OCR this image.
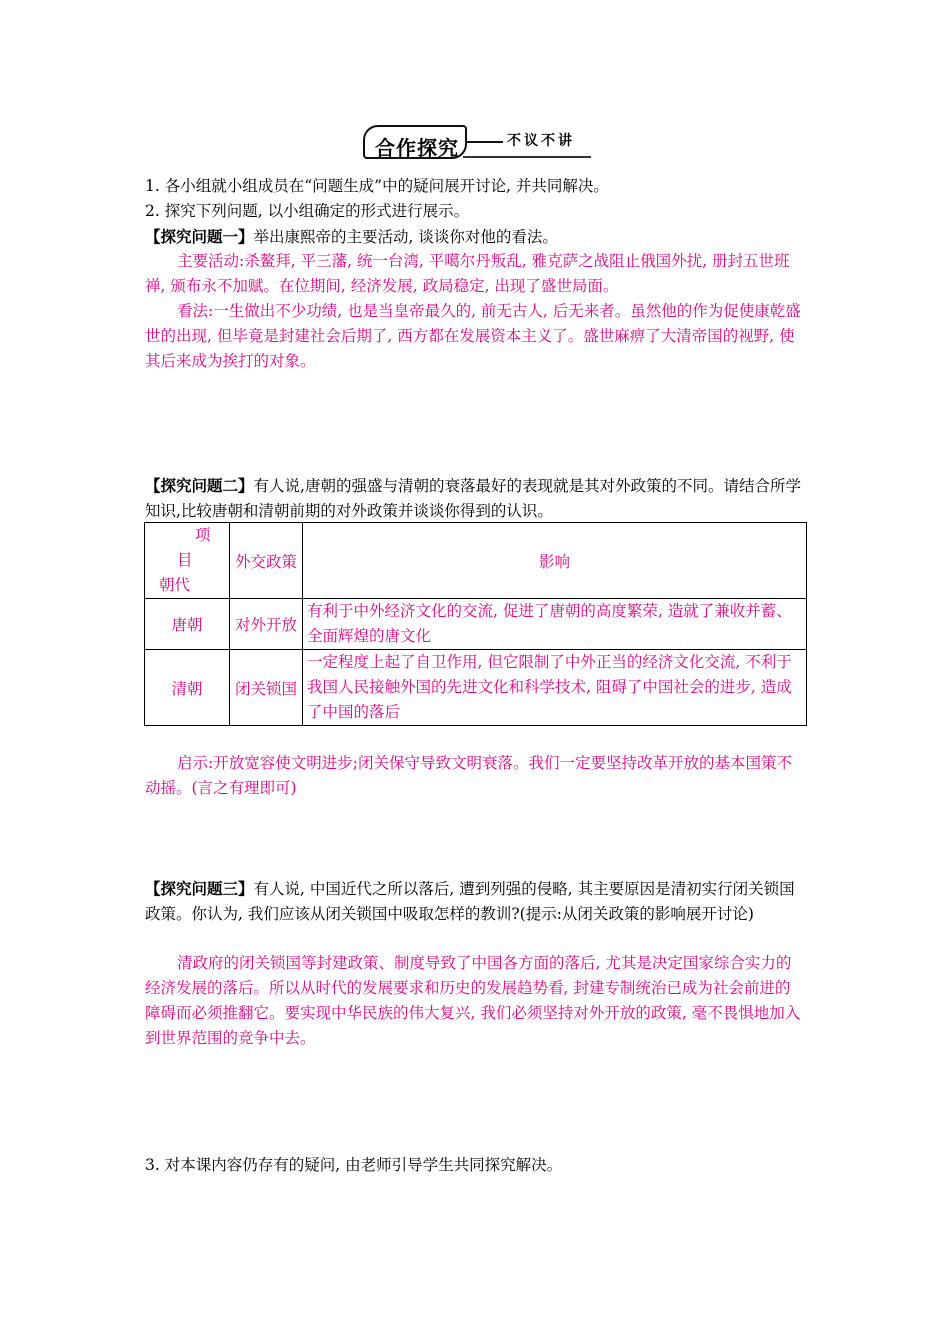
合作探究	不议不讲

1. 各小组就小组成员在“问题生成”中的疑问展开讨论, 并共同解决。

2. 探究下列问题, 以小组确定的形式进行展示。

【探究问题一】举出康熙帝的主要活动, 谈谈你对他的看法。

主要活动:杀鳌拜, 平三藩, 统一台湾, 平噶尔丹叛乱, 雅克萨之战阻止俄国外扰, 册封五世班禅, 颁布永不加赋。在位期间, 经济发展, 政局稳定, 出现了盛世局面。

看法:一生做出不少功绩, 也是当皇帝最久的, 前无古人, 后无来者。虽然他的作为促使康乾盛世的出现, 但毕竟是封建社会后期了, 西方都在发展资本主义了。盛世麻痹了大清帝国的视野, 使其后来成为挨打的对象。

【探究问题二】有人说,唐朝的强盛与清朝的衰落最好的表现就是其对外政策的不同。请结合所学知识,比较唐朝和清朝前期的对外政策并谈谈你得到的认识。

项
目
朝代	外交政策	影响
唐朝	对外开放	有利于中外经济文化的交流, 促进了唐朝的高度繁荣, 造就了兼收并蓄、全面辉煌的唐文化
清朝	闭关锁国	一定程度上起了自卫作用, 但它限制了中外正当的经济文化交流, 不利于我国人民接触外国的先进文化和科学技术, 阻碍了中国社会的进步, 造成了中国的落后

启示:开放宽容使文明进步;闭关保守导致文明衰落。我们一定要坚持改革开放的基本国策不动摇。(言之有理即可)

【探究问题三】有人说, 中国近代之所以落后, 遭到列强的侵略, 其主要原因是清初实行闭关锁国政策。你认为, 我们应该从闭关锁国中吸取怎样的教训?(提示:从闭关政策的影响展开讨论)

清政府的闭关锁国等封建政策、制度导致了中国各方面的落后, 尤其是决定国家综合实力的经济发展的落后。所以从时代的发展要求和历史的发展趋势看, 封建专制统治已成为社会前进的障碍而必须推翻它。要实现中华民族的伟大复兴, 我们必须坚持对外开放的政策, 毫不畏惧地加入到世界范围的竞争中去。

3. 对本课内容仍存有的疑问, 由老师引导学生共同探究解决。
